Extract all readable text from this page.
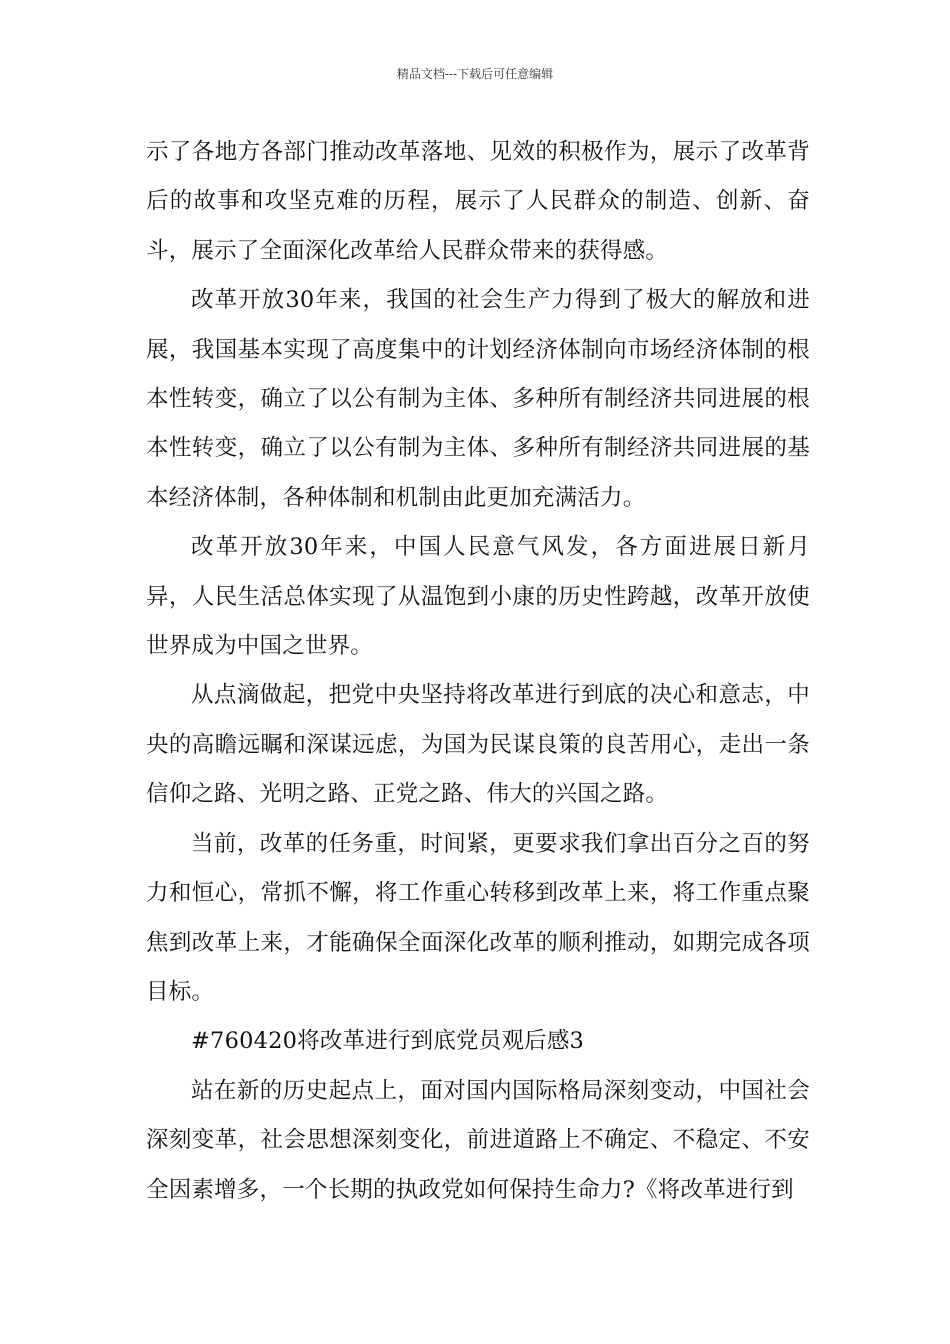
精品文档---下载后可任意编辑

示了各地方各部门推动改革落地、见效的积极作为，展示了改革背后的故事和攻坚克难的历程，展示了人民群众的制造、创新、奋斗，展示了全面深化改革给人民群众带来的获得感。

改革开放30年来，我国的社会生产力得到了极大的解放和进展，我国基本实现了高度集中的计划经济体制向市场经济体制的根本性转变，确立了以公有制为主体、多种所有制经济共同进展的根本性转变，确立了以公有制为主体、多种所有制经济共同进展的基本经济体制，各种体制和机制由此更加充满活力。

改革开放30年来，中国人民意气风发，各方面进展日新月异，人民生活总体实现了从温饱到小康的历史性跨越，改革开放使世界成为中国之世界。

从点滴做起，把党中央坚持将改革进行到底的决心和意志，中央的高瞻远瞩和深谋远虑，为国为民谋良策的良苦用心，走出一条信仰之路、光明之路、正党之路、伟大的兴国之路。

当前，改革的任务重，时间紧，更要求我们拿出百分之百的努力和恒心，常抓不懈，将工作重心转移到改革上来，将工作重点聚焦到改革上来，才能确保全面深化改革的顺利推动，如期完成各项目标。

#760420将改革进行到底党员观后感3

站在新的历史起点上，面对国内国际格局深刻变动，中国社会深刻变革，社会思想深刻变化，前进道路上不确定、不稳定、不安全因素增多，一个长期的执政党如何保持生命力?《将改革进行到
